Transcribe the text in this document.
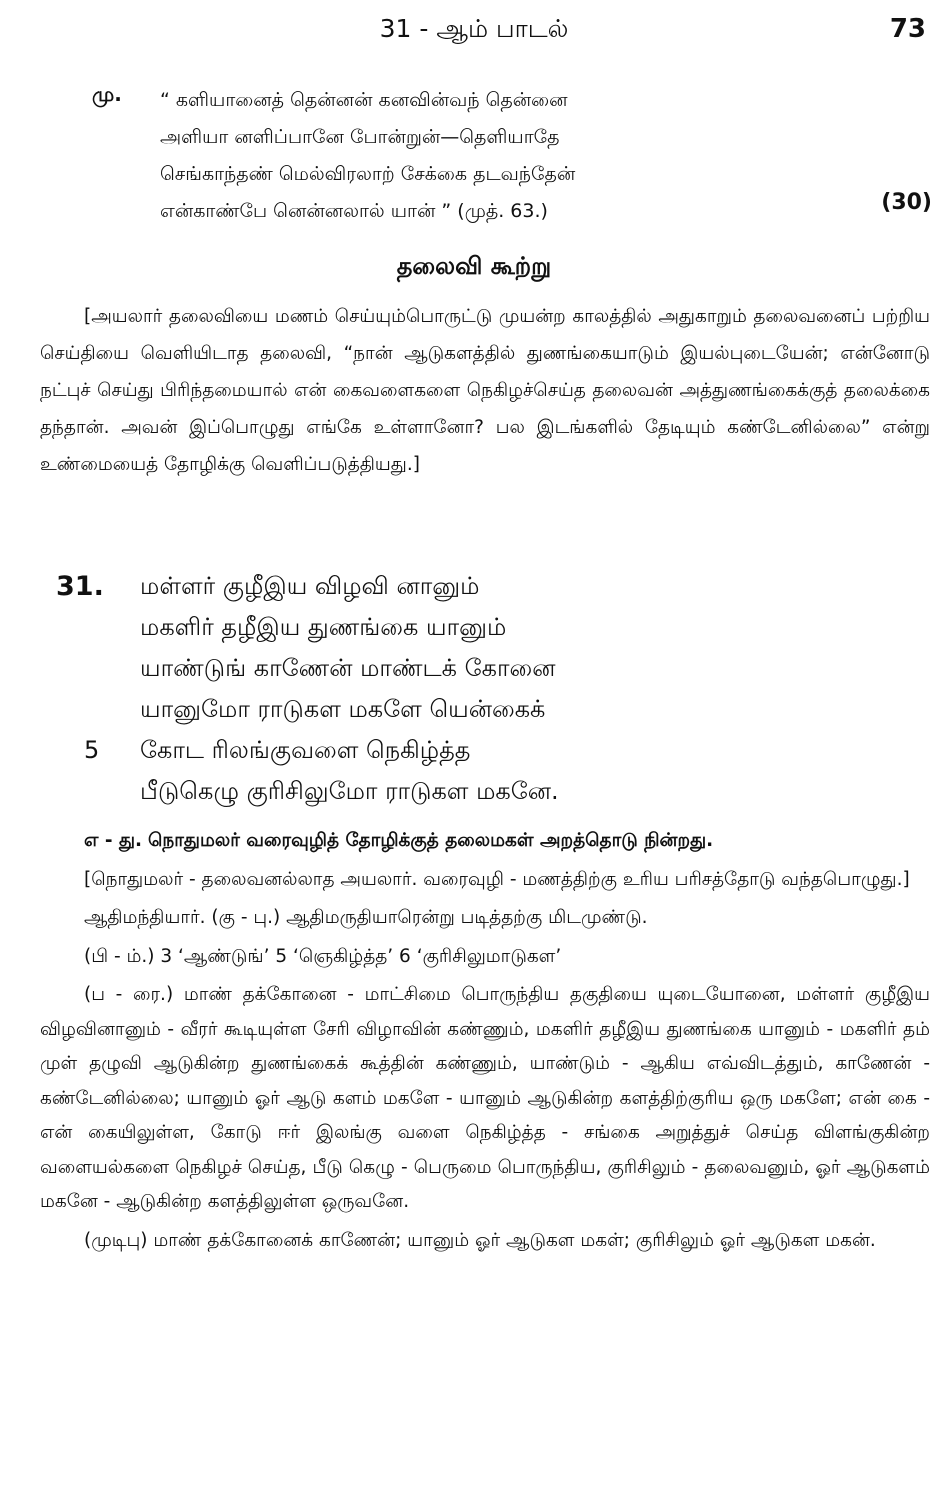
31 - ஆம் பாடல்	73
மு. “ களியானைத் தென்னன் கனவின்வந் தென்னை
அளியா னளிப்பானே போன்றுன்—தெளியாதே
செங்காந்தண் மெல்விரலாற் சேக்கை தடவந்தேன்
என்காண்பே னென்னலால் யான் ” (முத். 63.)	(30)
தலைவி கூற்று

[அயலார் தலைவியை மணம் செய்யும்பொருட்டு முயன்ற காலத்தில் அதுகாறும் தலைவனைப் பற்றிய செய்தியை வெளியிடாத தலைவி, “நான் ஆடுகளத்தில் துணங்கையாடும் இயல்புடையேன்; என்னோடு நட்புச் செய்து பிரிந்தமையால் என் கைவளைகளை நெகிழச்செய்த தலைவன் அத்துணங்கைக்குத் தலைக்கை தந்தான். அவன் இப்பொழுது எங்கே உள்ளானோ? பல இடங்களில் தேடியும் கண்டேனில்லை” என்று உண்மையைத் தோழிக்கு வெளிப்படுத்தியது.]

31. மள்ளர் குழீஇய விழவி னானும்
மகளிர் தழீஇய துணங்கை யானும்
யாண்டுங் காணேன் மாண்டக் கோனை
யானுமோ ராடுகள மகளே யென்கைக்
5 கோட ரிலங்குவளை நெகிழ்த்த
பீடுகெழு குரிசிலுமோ ராடுகள மகனே.

எ - து. நொதுமலர் வரைவுழித் தோழிக்குத் தலைமகள் அறத்தொடு நின்றது.

[நொதுமலர் - தலைவனல்லாத அயலார். வரைவுழி - மணத்திற்கு உரிய பரிசத்தோடு வந்தபொழுது.]

ஆதிமந்தியார். (கு - பு.) ஆதிமருதியாரென்று படித்தற்கு மிடமுண்டு.

(பி - ம்.) 3 ‘ஆண்டுங்’ 5 ‘ஞெகிழ்த்த’ 6 ‘குரிசிலுமாடுகள’

(ப - ரை.) மாண் தக்கோனை - மாட்சிமை பொருந்திய தகுதியை யுடையோனை, மள்ளர் குழீஇய விழவினானும் - வீரர் கூடியுள்ள சேரி விழாவின் கண்ணும், மகளிர் தழீஇய துணங்கை யானும் - மகளிர் தம் முள் தழுவி ஆடுகின்ற துணங்கைக் கூத்தின் கண்ணும், யாண்டும் - ஆகிய எவ்விடத்தும், காணேன் - கண்டேனில்லை; யானும் ஓர் ஆடு களம் மகளே - யானும் ஆடுகின்ற களத்திற்குரிய ஒரு மகளே; என் கை - என் கையிலுள்ள, கோடு ஈர் இலங்கு வளை நெகிழ்த்த - சங்கை அறுத்துச் செய்த விளங்குகின்ற வளையல்களை நெகிழச் செய்த, பீடு கெழு - பெருமை பொருந்திய, குரிசிலும் - தலைவனும், ஓர் ஆடுகளம் மகனே - ஆடுகின்ற களத்திலுள்ள ஒருவனே.

(முடிபு) மாண் தக்கோனைக் காணேன்; யானும் ஓர் ஆடுகள மகள்; குரிசிலும் ஓர் ஆடுகள மகன்.
